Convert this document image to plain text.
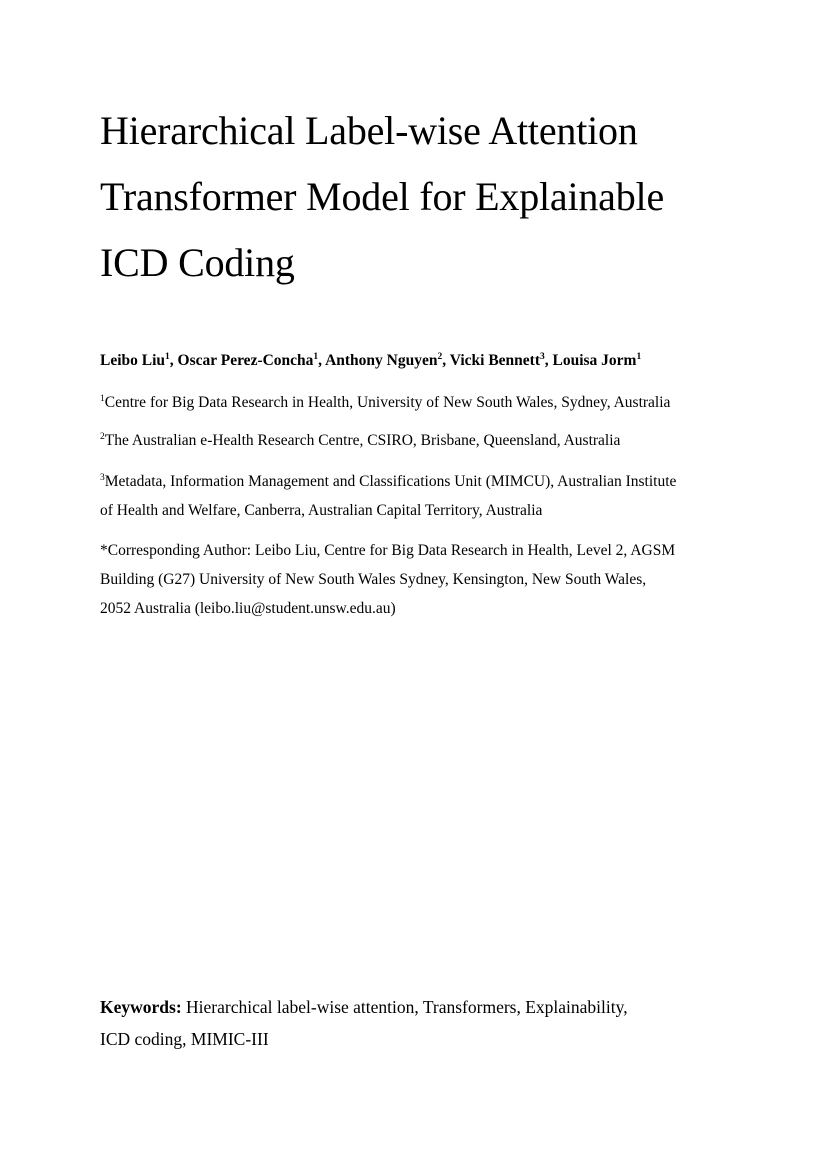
Hierarchical Label-wise Attention
Transformer Model for Explainable
ICD Coding
Leibo Liu$^1$, Oscar Perez-Concha$^1$, Anthony Nguyen$^2$, Vicki Bennett$^3$, Louisa Jorm$^1$
$^1$Centre for Big Data Research in Health, University of New South Wales, Sydney, Australia
$^2$The Australian e-Health Research Centre, CSIRO, Brisbane, Queensland, Australia
$^3$Metadata, Information Management and Classifications Unit (MIMCU), Australian Institute
of Health and Welfare, Canberra, Australian Capital Territory, Australia
*Corresponding Author: Leibo Liu, Centre for Big Data Research in Health, Level 2, AGSM
Building (G27) University of New South Wales Sydney, Kensington, New South Wales,
2052 Australia (leibo.liu@student.unsw.edu.au)
Keywords: Hierarchical label-wise attention, Transformers, Explainability,
ICD coding, MIMIC-III
